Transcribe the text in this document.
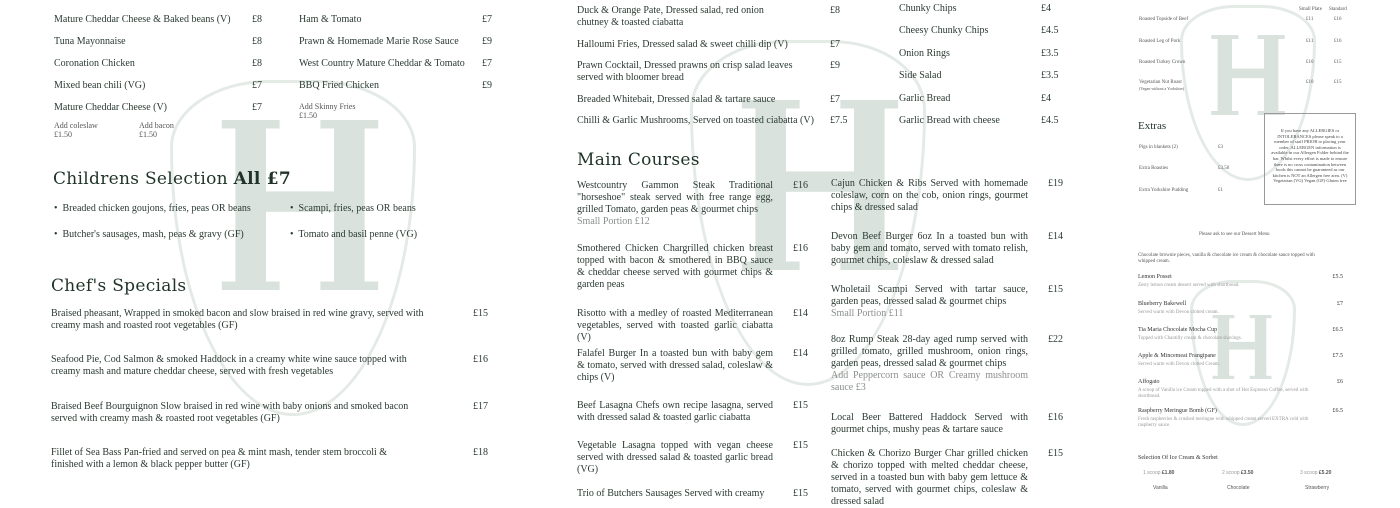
Mature Cheddar Cheese & Baked beans (V) £8
Tuna Mayonnaise	£8
Coronation Chicken	£8
Mixed bean chili (VG)	£7
Mature Cheddar Cheese (V)	£7
Ham & Tomato	£7
Prawn & Homemade Marie Rose Sauce £9
West Country Mature Cheddar & Tomato £7
BBQ Fried Chicken	£9
Add coleslaw
£1.50
Add bacon
£1.50
Add Skinny Fries
£1.50
Childrens Selection All £7
•  Breaded chicken goujons, fries, peas OR beans
•  Butcher's sausages, mash, peas & gravy (GF)
•  Scampi, fries, peas OR beans
•  Tomato and basil penne (VG)
Chef's Specials
Braised pheasant, Wrapped in smoked bacon and slow braised in red wine gravy, served with creamy mash and roasted root vegetables (GF)
£15
Seafood Pie, Cod Salmon & smoked Haddock in a creamy white wine sauce topped with creamy mash and mature cheddar cheese, served with fresh vegetables
£16
Braised Beef Bourguignon Slow braised in red wine with baby onions and smoked bacon served with creamy mash & roasted root vegetables (GF)
£17
Fillet of Sea Bass Pan-fried and served on pea & mint mash, tender stem broccoli & finished with a lemon & black pepper butter (GF)
£18
Duck & Orange Pate, Dressed salad, red onion chutney & toasted ciabatta
£8
Halloumi Fries, Dressed salad & sweet chilli dip (V)	£7
Prawn Cocktail, Dressed prawns on crisp salad leaves served with bloomer bread
£9
Breaded Whitebait, Dressed salad & tartare sauce	£7
Chilli & Garlic Mushrooms, Served on toasted ciabatta (V)	£7.5
Chunky Chips	£4
Cheesy Chunky Chips	£4.5
Onion Rings	£3.5
Side Salad	£3.5
Garlic Bread	£4
Garlic Bread with cheese	£4.5
Main Courses
Westcountry Gammon Steak Traditional "horseshoe" steak served with free range egg, grilled Tomato, garden peas & gourmet chips
Small Portion £12
£16
Smothered Chicken Chargrilled chicken breast topped with bacon & smothered in BBQ sauce & cheddar cheese served with gourmet chips & garden peas
£16
Risotto with a medley of roasted Mediterranean vegetables, served with toasted garlic ciabatta (V)
£14
Falafel Burger In a toasted bun with baby gem & tomato, served with dressed salad, coleslaw & chips (V)
£14
Beef Lasagna Chefs own recipe lasagna, served with dressed salad & toasted garlic ciabatta
£15
Vegetable Lasagna topped with vegan cheese served with dressed salad & toasted garlic bread (VG)
£15
Trio of Butchers Sausages Served with creamy	£15
Cajun Chicken & Ribs Served with homemade coleslaw, corn on the cob, onion rings, gourmet chips & dressed salad
£19
Devon Beef Burger 6oz In a toasted bun with baby gem and tomato, served with tomato relish, gourmet chips, coleslaw & dressed salad
£14
Wholetail Scampi Served with tartar sauce, garden peas, dressed salad & gourmet chips
Small Portion £11
£15
8oz Rump Steak 28-day aged rump served with grilled tomato, grilled mushroom, onion rings, garden peas, dressed salad & gourmet chips
Add Peppercorn sauce OR Creamy mushroom sauce £3
£22
Local Beer Battered Haddock Served with gourmet chips, mushy peas & tartare sauce
£16
Chicken & Chorizo Burger Char grilled chicken & chorizo topped with melted cheddar cheese, served in a toasted bun with baby gem lettuce & tomato, served with gourmet chips, coleslaw & dressed salad
£15
Small Plate Standard
Roasted Topside of Beef	£11	£16
Roasted Leg of Pork	£11	£16
Roasted Turkey Crown	£10	£15
Vegetarian Nut Roast
(Vegan without a Yorkshire)
£10	£15
Extras
Pigs in blankets (2)	£3
Extra Roasties	£3.50
Extra Yorkshire Pudding	£1
If you have any ALLERGIES or INTOLERANCES please speak to a member of staff PRIOR to placing your order. ALLERGEN information is available in our Allergen Folder behind the bar. Whilst every effort is made to ensure there is no cross contamination between foods this cannot be guaranteed as our kitchen is NOT an Allergen free area. (V) Vegetarian (VG) Vegan (GF) Gluten free
Please ask to see our Dessert Menu
Chocolate brownie pieces, vanilla & chocolate ice cream & chocolate sauce topped with whipped cream.
Lemon Posset	£5.5
Zesty lemon cream dessert served with shortbread.
Blueberry Bakewell	£7
Served warm with Devon clotted cream.
Tia Maria Chocolate Mocha Cup	£6.5
Topped with Chantilly cream & chocolate shavings.
Apple & Mincemeat Frangipane	£7.5
Served warm with Devon clotted Cream.
Affogato	£6
A scoop of Vanilla ice Cream topped with a shot of Hot Espresso Coffee, served with shortbread.
Raspberry Meringue Bomb (GF)	£6.5
Fresh raspberries & crushed meringue with whipped cream served EXTRA cold with raspberry sauce.
Selection Of Ice Cream & Sorbet
1 scoop £1.80	2 scoop £3.50	3 scoop £5.20
Vanilla	Chocolate	Strawberry
